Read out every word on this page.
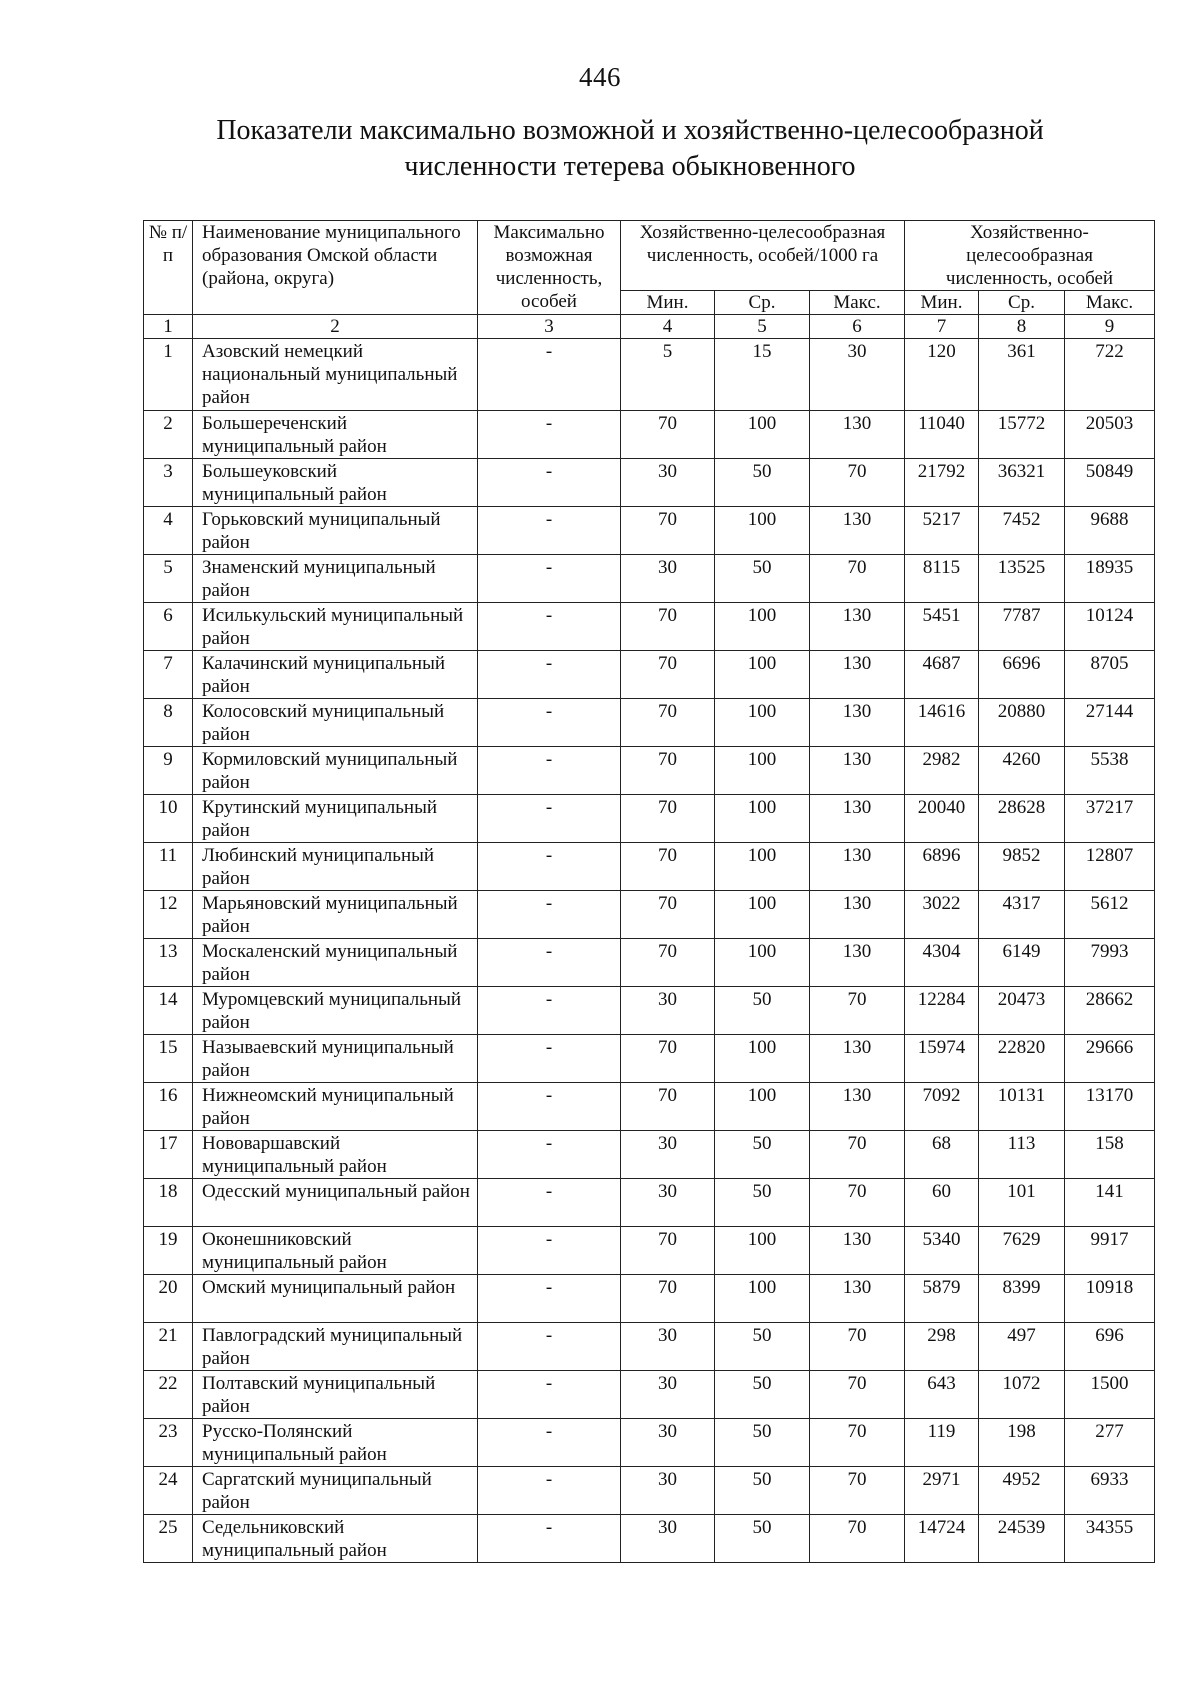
446
Показатели максимально возможной и хозяйственно-целесообразной
численности тетерева обыкновенного
№ п/п	Наименование муниципального образования Омской области (района, округа)	Максимально возможная численность, особей	Хозяйственно-целесообразная численность, особей/1000 га			Хозяйственно-целесообразная численность, особей		
			Мин.	Ср.	Макс.	Мин.	Ср.	Макс.
1	2	3	4	5	6	7	8	9
1	Азовский немецкий национальный муниципальный район	-	5	15	30	120	361	722
2	Большереченский муниципальный район	-	70	100	130	11040	15772	20503
3	Большеуковский муниципальный район	-	30	50	70	21792	36321	50849
4	Горьковский муниципальный район	-	70	100	130	5217	7452	9688
5	Знаменский муниципальный район	-	30	50	70	8115	13525	18935
6	Исилькульский муниципальный район	-	70	100	130	5451	7787	10124
7	Калачинский муниципальный район	-	70	100	130	4687	6696	8705
8	Колосовский муниципальный район	-	70	100	130	14616	20880	27144
9	Кормиловский муниципальный район	-	70	100	130	2982	4260	5538
10	Крутинский муниципальный район	-	70	100	130	20040	28628	37217
11	Любинский муниципальный район	-	70	100	130	6896	9852	12807
12	Марьяновский муниципальный район	-	70	100	130	3022	4317	5612
13	Москаленский муниципальный район	-	70	100	130	4304	6149	7993
14	Муромцевский муниципальный район	-	30	50	70	12284	20473	28662
15	Называевский муниципальный район	-	70	100	130	15974	22820	29666
16	Нижнеомский муниципальный район	-	70	100	130	7092	10131	13170
17	Нововаршавский муниципальный район	-	30	50	70	68	113	158
18	Одесский муниципальный район	-	30	50	70	60	101	141
19	Оконешниковский муниципальный район	-	70	100	130	5340	7629	9917
20	Омский муниципальный район	-	70	100	130	5879	8399	10918
21	Павлоградский муниципальный район	-	30	50	70	298	497	696
22	Полтавский муниципальный район	-	30	50	70	643	1072	1500
23	Русско-Полянский муниципальный район	-	30	50	70	119	198	277
24	Саргатский муниципальный район	-	30	50	70	2971	4952	6933
25	Седельниковский муниципальный район	-	30	50	70	14724	24539	34355
